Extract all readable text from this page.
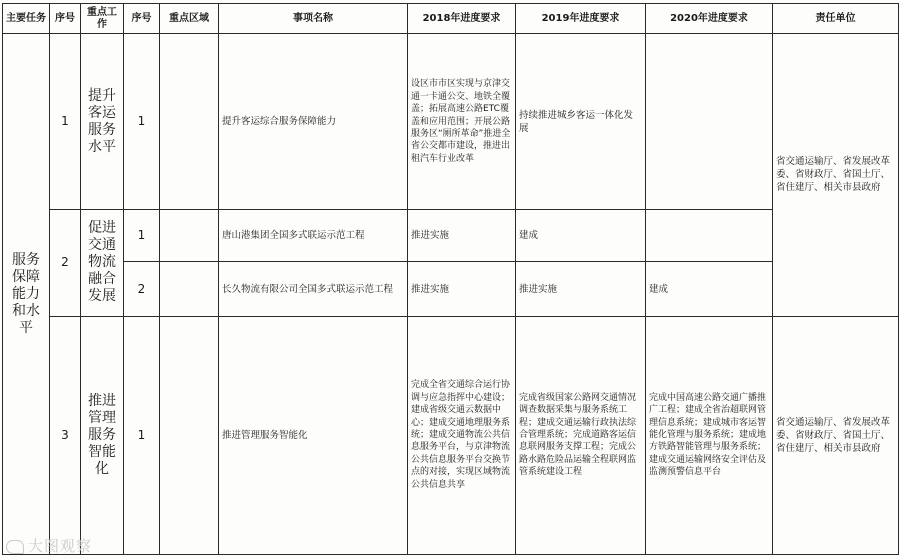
主要任务	序号	重点工作	序号	重点区域	事项名称	2018年进度要求	2019年进度要求	2020年进度要求	责任单位
服务保障能力和水平	1	提升客运服务水平	1		提升客运综合服务保障能力	设区市市区实现与京津交通一卡通公交、地铁全覆盖；拓展高速公路ETC覆盖和应用范围；开展公路服务区“厕所革命”推进全省公交都市建设，推进出租汽车行业改革	持续推进城乡客运一体化发展		省交通运输厅、省发展改革委、省财政厅、省国土厅、省住建厅、相关市县政府
	2	促进交通物流融合发展	1		唐山港集团全国多式联运示范工程	推进实施	建成		
			2		长久物流有限公司全国多式联运示范工程	推进实施	推进实施	建成	
	3	推进管理服务智能化	1		推进管理服务智能化	完成全省交通综合运行协调与应急指挥中心建设；建成省级交通云数据中心；建成交通地理服务系统；建成交通物流公共信息服务平台，与京津物流公共信息服务平台交换节点的对接，实现区域物流公共信息共享	完成省级国家公路网交通情况调查数据采集与服务系统工程；建成交通运输行政执法综合管理系统；完成道路客运信息联网服务支撑工程；完成公路水路危险品运输全程联网监管系统建设工程	完成中国高速公路交通广播推广工程；建成全省治超联网管理信息系统；建成城市客运智能化管理与服务系统；建成地方铁路智能管理与服务系统；建成交通运输网络安全评估及监测预警信息平台	省交通运输厅、省发展改革委、省财政厅、省国土厅、省住建厅、相关市县政府
大图观察
